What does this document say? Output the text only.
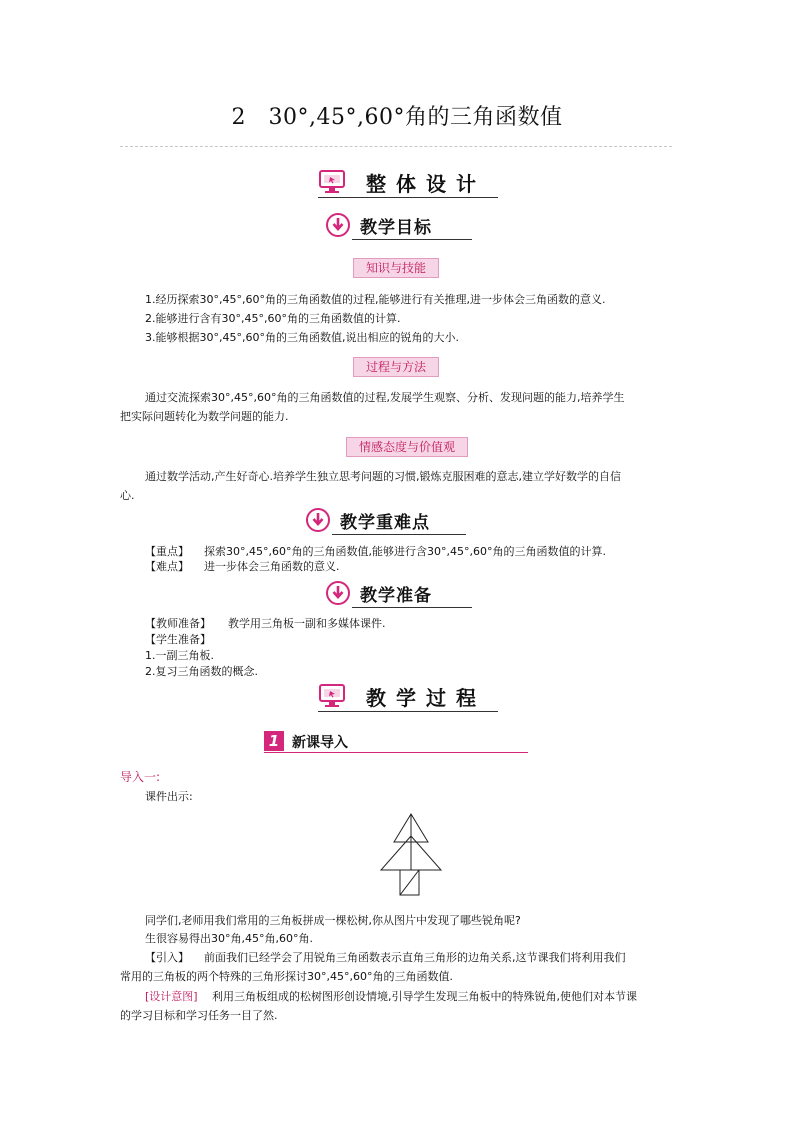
2　30°,45°,60°角的三角函数值
整体设计
教学目标
知识与技能
1.经历探索30°,45°,60°角的三角函数值的过程,能够进行有关推理,进一步体会三角函数的意义.
2.能够进行含有30°,45°,60°角的三角函数值的计算.
3.能够根据30°,45°,60°角的三角函数值,说出相应的锐角的大小.
过程与方法
通过交流探索30°,45°,60°角的三角函数值的过程,发展学生观察、分析、发现问题的能力,培养学生
把实际问题转化为数学问题的能力.
情感态度与价值观
通过数学活动,产生好奇心.培养学生独立思考问题的习惯,锻炼克服困难的意志,建立学好数学的自信
心.
教学重难点
【重点】 探索30°,45°,60°角的三角函数值,能够进行含30°,45°,60°角的三角函数值的计算.
【难点】 进一步体会三角函数的意义.
教学准备
【教师准备】 教学用三角板一副和多媒体课件.
【学生准备】
1.一副三角板.
2.复习三角函数的概念.
教学过程
1 新课导入
导入一:
课件出示:
同学们,老师用我们常用的三角板拼成一棵松树,你从图片中发现了哪些锐角呢?
生很容易得出30°角,45°角,60°角.
【引入】 前面我们已经学会了用锐角三角函数表示直角三角形的边角关系,这节课我们将利用我们
常用的三角板的两个特殊的三角形探讨30°,45°,60°角的三角函数值.
[设计意图] 利用三角板组成的松树图形创设情境,引导学生发现三角板中的特殊锐角,使他们对本节课
的学习目标和学习任务一目了然.
